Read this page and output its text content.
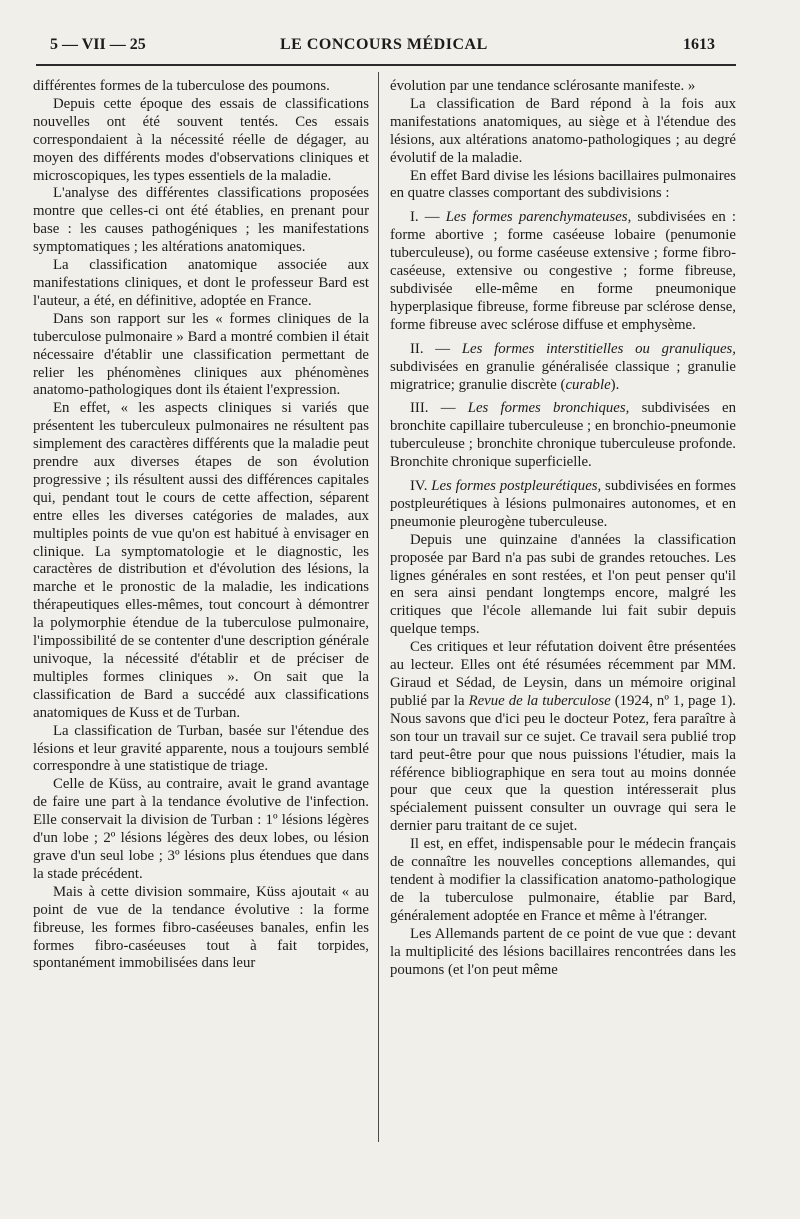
5 — VII — 25	LE CONCOURS MÉDICAL	1613

différentes formes de la tuberculose des poumons.

Depuis cette époque des essais de classifications nouvelles ont été souvent tentés. Ces essais correspondaient à la nécessité réelle de dégager, au moyen des différents modes d'observations cliniques et microscopiques, les types essentiels de la maladie.

L'analyse des différentes classifications proposées montre que celles-ci ont été établies, en prenant pour base : les causes pathogéniques ; les manifestations symptomatiques ; les altérations anatomiques.

La classification anatomique associée aux manifestations cliniques, et dont le professeur Bard est l'auteur, a été, en définitive, adoptée en France.

Dans son rapport sur les « formes cliniques de la tuberculose pulmonaire » Bard a montré combien il était nécessaire d'établir une classification permettant de relier les phénomènes cliniques aux phénomènes anatomo-pathologiques dont ils étaient l'expression.

En effet, « les aspects cliniques si variés que présentent les tuberculeux pulmonaires ne résultent pas simplement des caractères différents que la maladie peut prendre aux diverses étapes de son évolution progressive ; ils résultent aussi des différences capitales qui, pendant tout le cours de cette affection, séparent entre elles les diverses catégories de malades, aux multiples points de vue qu'on est habitué à envisager en clinique. La symptomatologie et le diagnostic, les caractères de distribution et d'évolution des lésions, la marche et le pronostic de la maladie, les indications thérapeutiques elles-mêmes, tout concourt à démontrer la polymorphie étendue de la tuberculose pulmonaire, l'impossibilité de se contenter d'une description générale univoque, la nécessité d'établir et de préciser de multiples formes cliniques ». On sait que la classification de Bard a succédé aux classifications anatomiques de Kuss et de Turban.

La classification de Turban, basée sur l'étendue des lésions et leur gravité apparente, nous a toujours semblé correspondre à une statistique de triage.

Celle de Küss, au contraire, avait le grand avantage de faire une part à la tendance évolutive de l'infection. Elle conservait la division de Turban : 1º lésions légères d'un lobe ; 2º lésions légères des deux lobes, ou lésion grave d'un seul lobe ; 3º lésions plus étendues que dans la stade précédent.

Mais à cette division sommaire, Küss ajoutait « au point de vue de la tendance évolutive : la forme fibreuse, les formes fibro-caséeuses banales, enfin les formes fibro-caséeuses tout à fait torpides, spontanément immobilisées dans leur

évolution par une tendance sclérosante manifeste. »

La classification de Bard répond à la fois aux manifestations anatomiques, au siège et à l'étendue des lésions, aux altérations anatomo-pathologiques ; au degré évolutif de la maladie.

En effet Bard divise les lésions bacillaires pulmonaires en quatre classes comportant des subdivisions :

I. — Les formes parenchymateuses, subdivisées en : forme abortive ; forme caséeuse lobaire (penumonie tuberculeuse), ou forme caséeuse extensive ; forme fibro-caséeuse, extensive ou congestive ; forme fibreuse, subdivisée elle-même en forme pneumonique hyperplasique fibreuse, forme fibreuse par sclérose dense, forme fibreuse avec sclérose diffuse et emphysème.

II. — Les formes interstitielles ou granuliques, subdivisées en granulie généralisée classique ; granulie migratrice; granulie discrète (curable).

III. — Les formes bronchiques, subdivisées en bronchite capillaire tuberculeuse ; en bronchio-pneumonie tuberculeuse ; bronchite chronique tuberculeuse profonde. Bronchite chronique superficielle.

IV. Les formes postpleurétiques, subdivisées en formes postpleurétiques à lésions pulmonaires autonomes, et en pneumonie pleurogène tuberculeuse.

Depuis une quinzaine d'années la classification proposée par Bard n'a pas subi de grandes retouches. Les lignes générales en sont restées, et l'on peut penser qu'il en sera ainsi pendant longtemps encore, malgré les critiques que l'école allemande lui fait subir depuis quelque temps.

Ces critiques et leur réfutation doivent être présentées au lecteur. Elles ont été résumées récemment par MM. Giraud et Sédad, de Leysin, dans un mémoire original publié par la Revue de la tuberculose (1924, nº 1, page 1). Nous savons que d'ici peu le docteur Potez, fera paraître à son tour un travail sur ce sujet. Ce travail sera publié trop tard peut-être pour que nous puissions l'étudier, mais la référence bibliographique en sera tout au moins donnée pour que ceux que la question intéresserait plus spécialement puissent consulter un ouvrage qui sera le dernier paru traitant de ce sujet.

Il est, en effet, indispensable pour le médecin français de connaître les nouvelles conceptions allemandes, qui tendent à modifier la classification anatomo-pathologique de la tuberculose pulmonaire, établie par Bard, généralement adoptée en France et même à l'étranger.

Les Allemands partent de ce point de vue que : devant la multiplicité des lésions bacillaires rencontrées dans les poumons (et l'on peut même
